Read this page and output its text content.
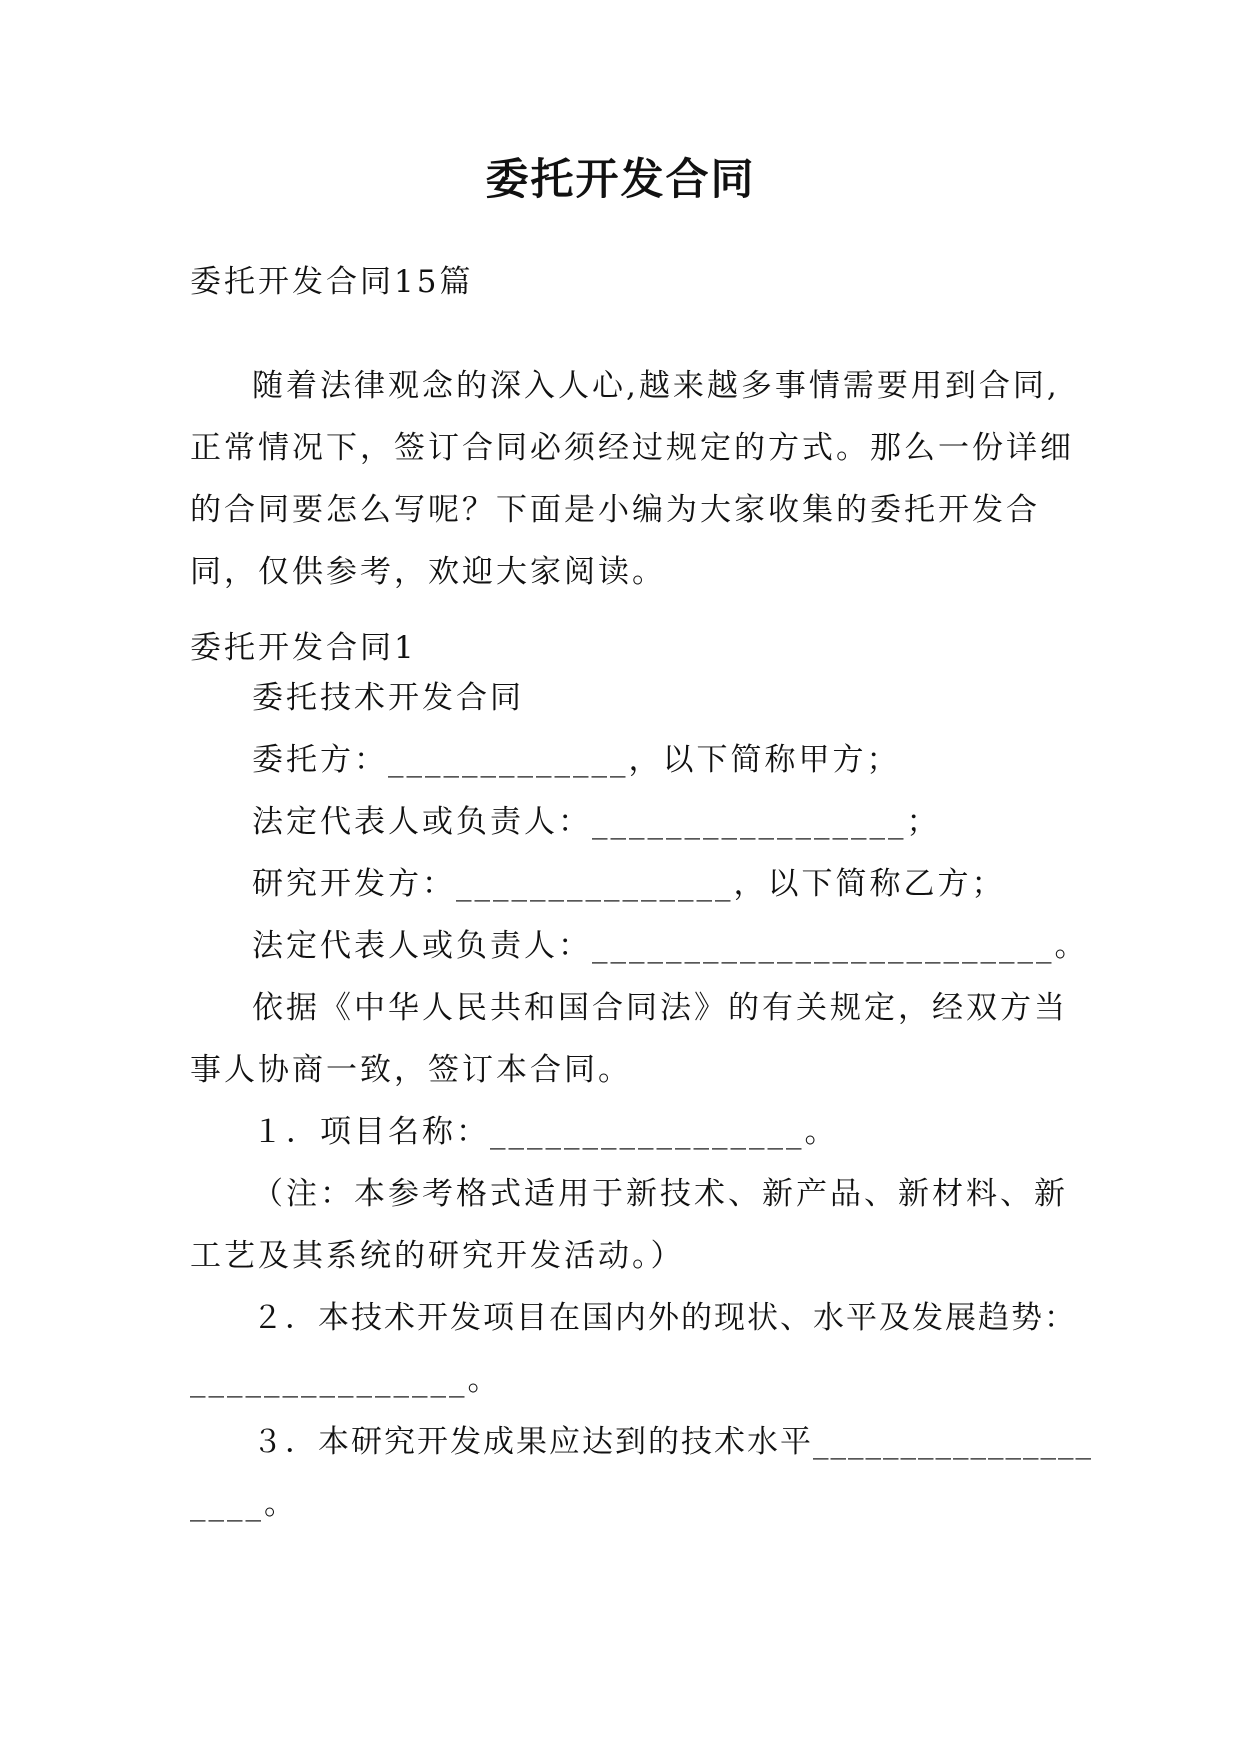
委托开发合同
委托开发合同15篇
随着法律观念的深入人心,越来越多事情需要用到合同,
正常情况下，签订合同必须经过规定的方式。那么一份详细
的合同要怎么写呢？下面是小编为大家收集的委托开发合
同，仅供参考，欢迎大家阅读。
委托开发合同1
委托技术开发合同
委托方：_____________，以下简称甲方；
法定代表人或负责人：_________________；
研究开发方：_______________，以下简称乙方；
法定代表人或负责人：_________________________。
依据《中华人民共和国合同法》的有关规定，经双方当
事人协商一致，签订本合同。
１．项目名称：_________________。
（注：本参考格式适用于新技术、新产品、新材料、新
工艺及其系统的研究开发活动。）
２．本技术开发项目在国内外的现状、水平及发展趋势：
_______________。
３．本研究开发成果应达到的技术水平________________
____。
